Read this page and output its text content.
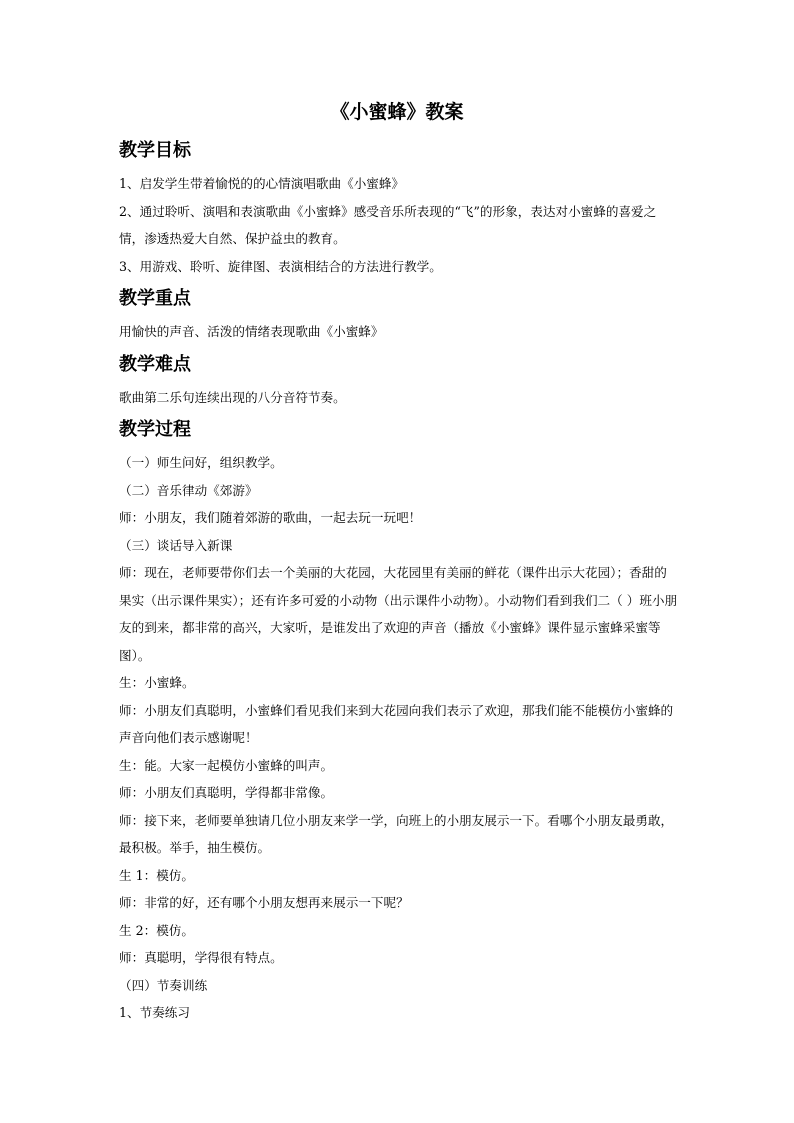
《小蜜蜂》教案
教学目标

1、启发学生带着愉悦的的心情演唱歌曲《小蜜蜂》

2、通过聆听、演唱和表演歌曲《小蜜蜂》感受音乐所表现的“飞”的形象，表达对小蜜蜂的喜爱之情，渗透热爱大自然、保护益虫的教育。

3、用游戏、聆听、旋律图、表演相结合的方法进行教学。

教学重点

用愉快的声音、活泼的情绪表现歌曲《小蜜蜂》

教学难点

歌曲第二乐句连续出现的八分音符节奏。

教学过程

（一）师生问好，组织教学。

（二）音乐律动《郊游》

师：小朋友，我们随着郊游的歌曲，一起去玩一玩吧！

（三）谈话导入新课

师：现在，老师要带你们去一个美丽的大花园，大花园里有美丽的鲜花（课件出示大花园）；香甜的果实（出示课件果实）；还有许多可爱的小动物（出示课件小动物）。小动物们看到我们二（ ）班小朋友的到来，都非常的高兴，大家听，是谁发出了欢迎的声音（播放《小蜜蜂》课件显示蜜蜂采蜜等图）。

生：小蜜蜂。

师：小朋友们真聪明，小蜜蜂们看见我们来到大花园向我们表示了欢迎，那我们能不能模仿小蜜蜂的声音向他们表示感谢呢！

生：能。大家一起模仿小蜜蜂的叫声。

师：小朋友们真聪明，学得都非常像。

师：接下来，老师要单独请几位小朋友来学一学，向班上的小朋友展示一下。看哪个小朋友最勇敢，最积极。举手，抽生模仿。

生 1：模仿。

师：非常的好，还有哪个小朋友想再来展示一下呢？

生 2：模仿。

师：真聪明，学得很有特点。

（四）节奏训练

1、节奏练习
